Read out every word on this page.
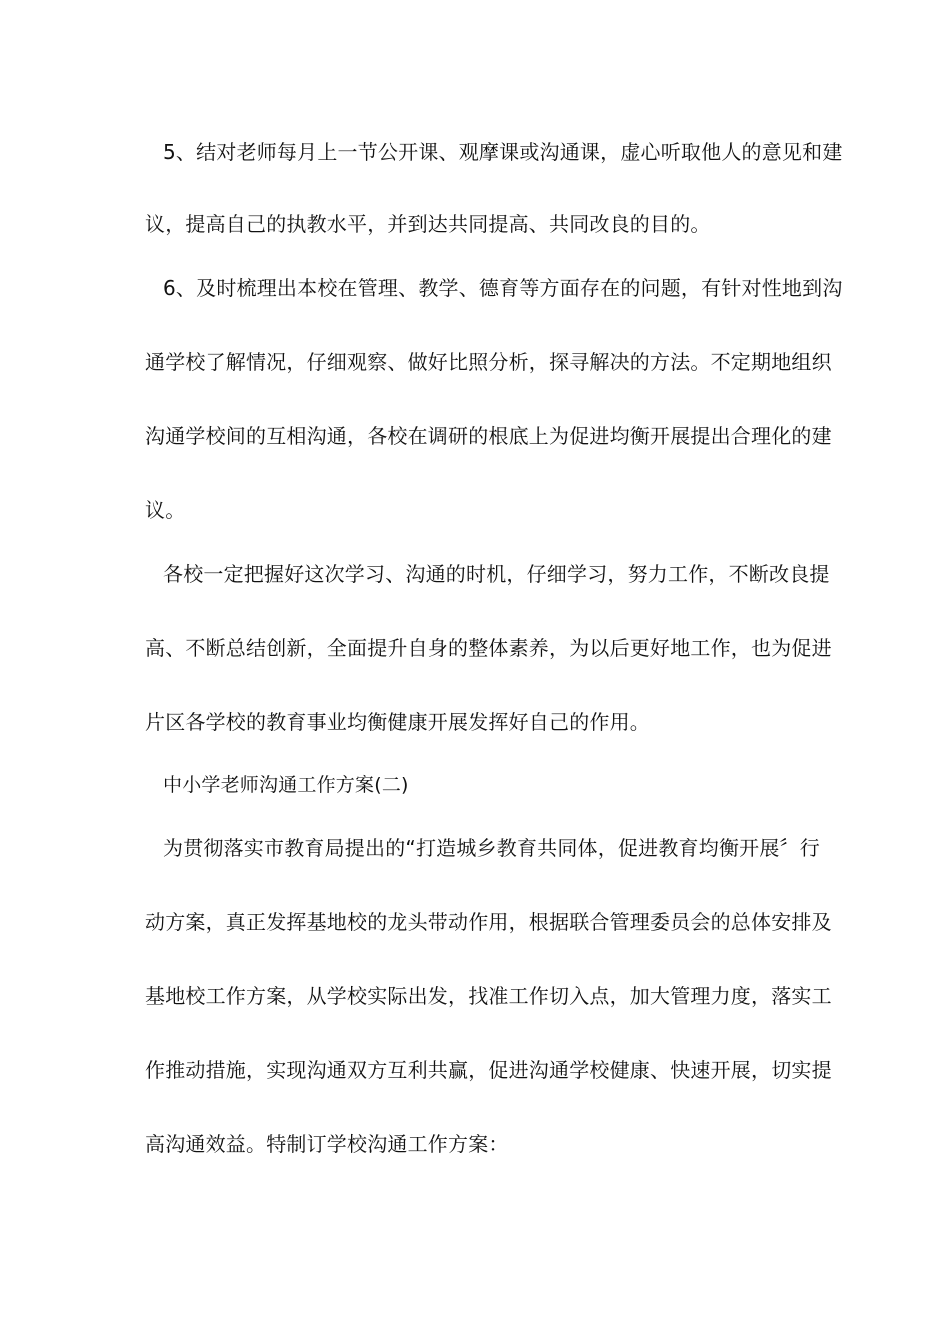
5、结对老师每月上一节公开课、观摩课或沟通课，虚心听取他人的意见和建
议，提高自己的执教水平，并到达共同提高、共同改良的目的。
6、及时梳理出本校在管理、教学、德育等方面存在的问题，有针对性地到沟
通学校了解情况，仔细观察、做好比照分析，探寻解决的方法。不定期地组织
沟通学校间的互相沟通，各校在调研的根底上为促进均衡开展提出合理化的建
议。
各校一定把握好这次学习、沟通的时机，仔细学习，努力工作，不断改良提
高、不断总结创新，全面提升自身的整体素养，为以后更好地工作，也为促进
片区各学校的教育事业均衡健康开展发挥好自己的作用。
中小学老师沟通工作方案(二)
为贯彻落实市教育局提出的“打造城乡教育共同体，促进教育均衡开展〞行
动方案，真正发挥基地校的龙头带动作用，根据联合管理委员会的总体安排及
基地校工作方案，从学校实际出发，找准工作切入点，加大管理力度，落实工
作推动措施，实现沟通双方互利共赢，促进沟通学校健康、快速开展，切实提
高沟通效益。特制订学校沟通工作方案：
